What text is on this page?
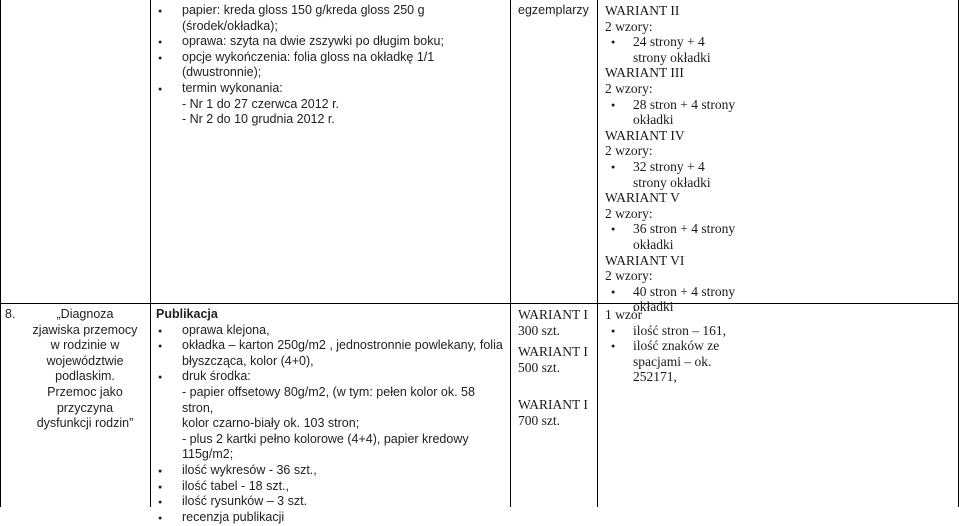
● papier: kreda gloss 150 g/kreda gloss 250 g (środek/okładka);
● oprawa: szyta na dwie zszywki po długim boku;
● opcje wykończenia: folia gloss na okładkę 1/1 (dwustronnie);
● termin wykonania:
- Nr 1 do 27 czerwca 2012 r.
- Nr 2 do 10 grudnia 2012 r.
egzemplarzy	WARIANT II
2 wzory:
● 24 strony + 4
strony okładki
WARIANT III
2 wzory:
● 28 stron + 4 strony
okładki
WARIANT IV
2 wzory:
● 32 strony + 4
strony okładki
WARIANT V
2 wzory:
● 36 stron + 4 strony
okładki
WARIANT VI
2 wzory:
● 40 stron + 4 strony
okładki
8.	„Diagnoza
zjawiska przemocy
w rodzinie w
województwie
podlaskim.
Przemoc jako
przyczyna
dysfunkcji rodzin”
Publikacja
● oprawa klejona,
● okładka – karton 250g/m2 , jednostronnie powlekany, folia
błyszcząca, kolor (4+0),
● druk środka:
- papier offsetowy 80g/m2, (w tym: pełen kolor ok. 58 stron,
kolor czarno-biały ok. 103 stron;
- plus 2 kartki pełno kolorowe (4+4), papier kredowy
115g/m2;
● ilość wykresów - 36 szt.,
● ilość tabel - 18 szt.,
● ilość rysunków – 3 szt.
● recenzja publikacji
WARIANT I
300 szt.
WARIANT I
500 szt.
WARIANT I
700 szt.
1 wzór
● ilość stron – 161,
● ilość znaków ze
spacjami – ok.
252171,
